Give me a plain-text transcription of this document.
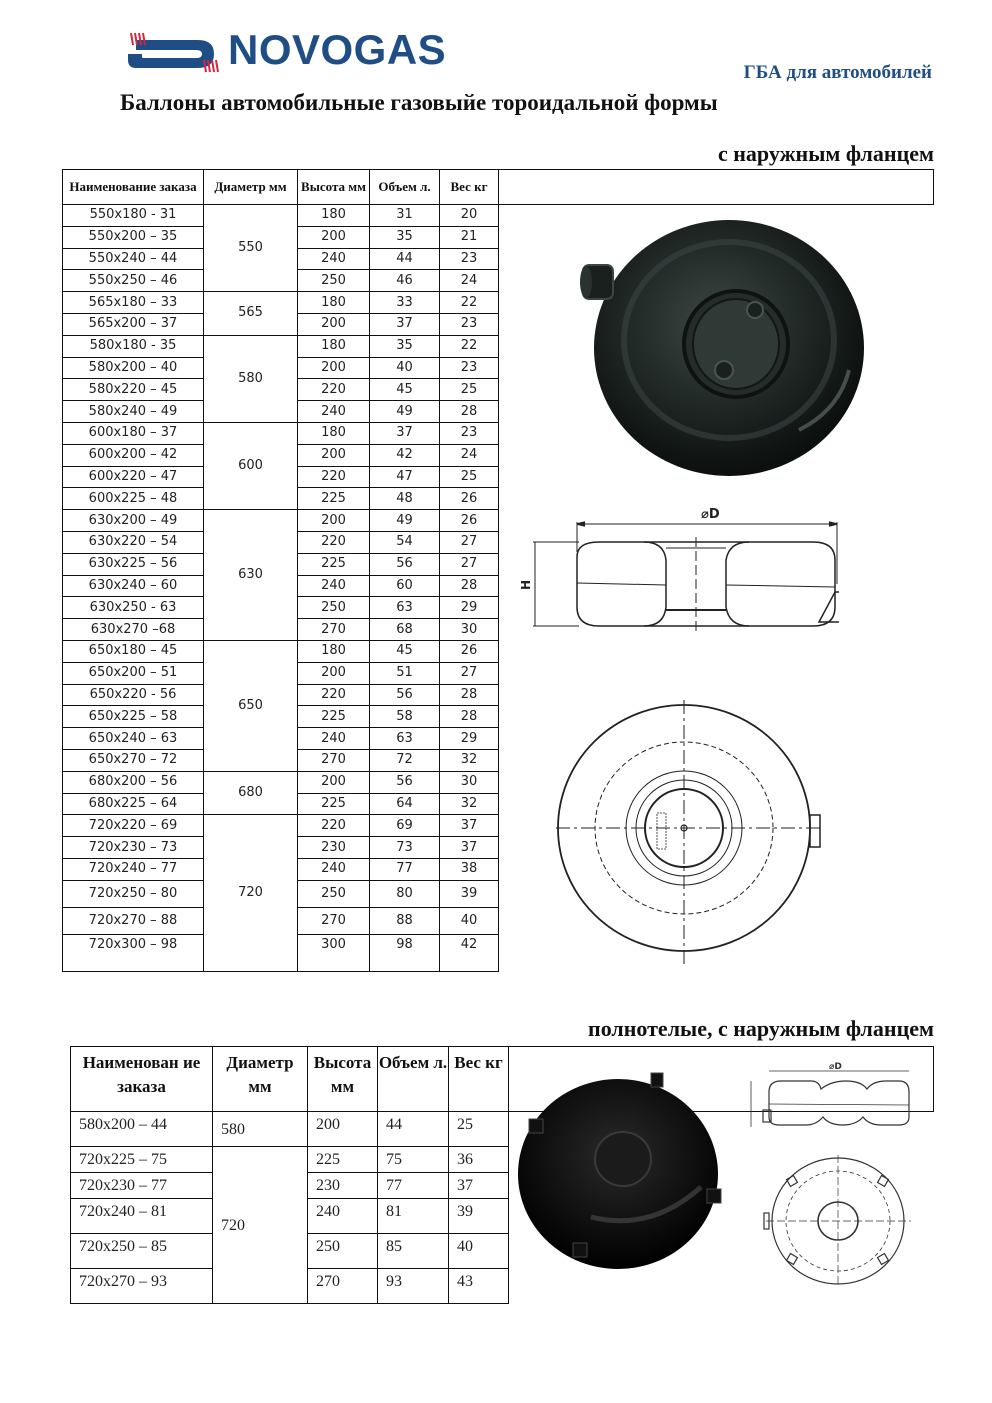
NOVOGAS	ГБА для автомобилей
Баллоны автомобильные газовыйе тороидальной формы
с наружным фланцем
Наименование заказа	Диаметр мм	Высота мм	Объем л.	Вес кг	⌀D
H

550x180 - 31	550	180	31	20	
550x200 – 35		200	35	21	
550x240 – 44		240	44	23	
550x250 – 46		250	46	24	
565x180 – 33	565	180	33	22	
565x200 – 37		200	37	23	
580x180 - 35	580	180	35	22	
580x200 – 40		200	40	23	
580x220 – 45		220	45	25	
580x240 – 49		240	49	28	
600x180 – 37	600	180	37	23	
600x200 – 42		200	42	24	
600x220 – 47		220	47	25	
600x225 – 48		225	48	26	
630x200 – 49	630	200	49	26	
630x220 – 54		220	54	27	
630x225 – 56		225	56	27	
630x240 – 60		240	60	28	
630x250 - 63		250	63	29	
630x270 –68		270	68	30	
650x180 – 45	650	180	45	26	
650x200 – 51		200	51	27	
650x220 - 56		220	56	28	
650x225 – 58		225	58	28	
650x240 – 63		240	63	29	
650x270 – 72		270	72	32	
680x200 – 56	680	200	56	30	
680x225 – 64		225	64	32	
720x220 – 69	720	220	69	37	
720x230 – 73		230	73	37	
720x240 – 77		240	77	38	
720x250 – 80		250	80	39	
720x270 – 88		270	88	40	
720x300 – 98		300	98	42	
полнотелые, с наружным фланцем
Наименован ие заказа	Диаметр мм	Высота мм	Объем л.	Вес кг	⌀D

580x200 – 44	580	200	44	25	
720x225 – 75	720	225	75	36	
720x230 – 77		230	77	37	
720x240 – 81		240	81	39	
720x250 – 85		250	85	40	
720x270 – 93		270	93	43	
